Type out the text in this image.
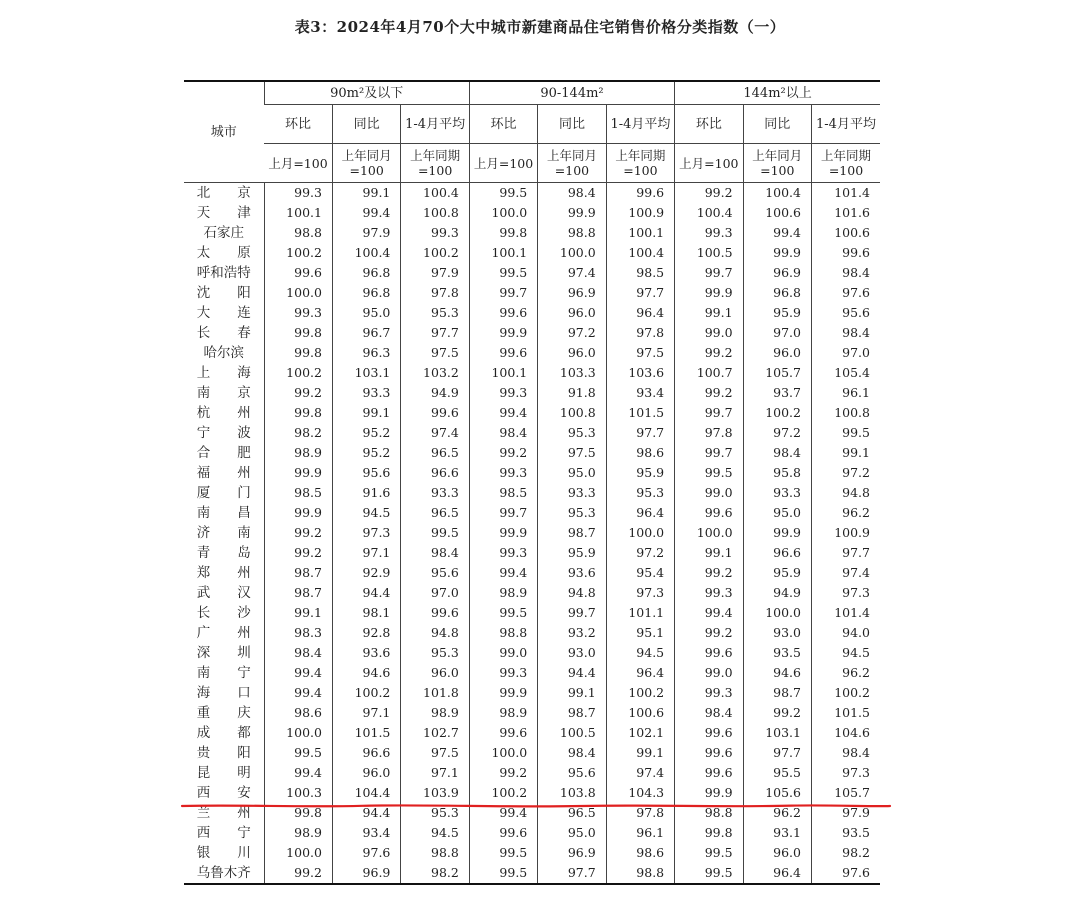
表3：2024年4月70个大中城市新建商品住宅销售价格分类指数（一）
城市	90m²及以下			90-144m²			144m²以上		
	环比	同比	1-4月平均	环比	同比	1-4月平均	环比	同比	1-4月平均
	上月=100	上年同月=100	上年同期=100	上月=100	上年同月=100	上年同期=100	上月=100	上年同月=100	上年同期=100
北　　京	99.3	99.1	100.4	99.5	98.4	99.6	99.2	100.4	101.4
天　　津	100.1	99.4	100.8	100.0	99.9	100.9	100.4	100.6	101.6
石家庄	98.8	97.9	99.3	99.8	98.8	100.1	99.3	99.4	100.6
太　　原	100.2	100.4	100.2	100.1	100.0	100.4	100.5	99.9	99.6
呼和浩特	99.6	96.8	97.9	99.5	97.4	98.5	99.7	96.9	98.4
沈　　阳	100.0	96.8	97.8	99.7	96.9	97.7	99.9	96.8	97.6
大　　连	99.3	95.0	95.3	99.6	96.0	96.4	99.1	95.9	95.6
长　　春	99.8	96.7	97.7	99.9	97.2	97.8	99.0	97.0	98.4
哈尔滨	99.8	96.3	97.5	99.6	96.0	97.5	99.2	96.0	97.0
上　　海	100.2	103.1	103.2	100.1	103.3	103.6	100.7	105.7	105.4
南　　京	99.2	93.3	94.9	99.3	91.8	93.4	99.2	93.7	96.1
杭　　州	99.8	99.1	99.6	99.4	100.8	101.5	99.7	100.2	100.8
宁　　波	98.2	95.2	97.4	98.4	95.3	97.7	97.8	97.2	99.5
合　　肥	98.9	95.2	96.5	99.2	97.5	98.6	99.7	98.4	99.1
福　　州	99.9	95.6	96.6	99.3	95.0	95.9	99.5	95.8	97.2
厦　　门	98.5	91.6	93.3	98.5	93.3	95.3	99.0	93.3	94.8
南　　昌	99.9	94.5	96.5	99.7	95.3	96.4	99.6	95.0	96.2
济　　南	99.2	97.3	99.5	99.9	98.7	100.0	100.0	99.9	100.9
青　　岛	99.2	97.1	98.4	99.3	95.9	97.2	99.1	96.6	97.7
郑　　州	98.7	92.9	95.6	99.4	93.6	95.4	99.2	95.9	97.4
武　　汉	98.7	94.4	97.0	98.9	94.8	97.3	99.3	94.9	97.3
长　　沙	99.1	98.1	99.6	99.5	99.7	101.1	99.4	100.0	101.4
广　　州	98.3	92.8	94.8	98.8	93.2	95.1	99.2	93.0	94.0
深　　圳	98.4	93.6	95.3	99.0	93.0	94.5	99.6	93.5	94.5
南　　宁	99.4	94.6	96.0	99.3	94.4	96.4	99.0	94.6	96.2
海　　口	99.4	100.2	101.8	99.9	99.1	100.2	99.3	98.7	100.2
重　　庆	98.6	97.1	98.9	98.9	98.7	100.6	98.4	99.2	101.5
成　　都	100.0	101.5	102.7	99.6	100.5	102.1	99.6	103.1	104.6
贵　　阳	99.5	96.6	97.5	100.0	98.4	99.1	99.6	97.7	98.4
昆　　明	99.4	96.0	97.1	99.2	95.6	97.4	99.6	95.5	97.3
西　　安	100.3	104.4	103.9	100.2	103.8	104.3	99.9	105.6	105.7
兰　　州	99.8	94.4	95.3	99.4	96.5	97.8	98.8	96.2	97.9
西　　宁	98.9	93.4	94.5	99.6	95.0	96.1	99.8	93.1	93.5
银　　川	100.0	97.6	98.8	99.5	96.9	98.6	99.5	96.0	98.2
乌鲁木齐	99.2	96.9	98.2	99.5	97.7	98.8	99.5	96.4	97.6
